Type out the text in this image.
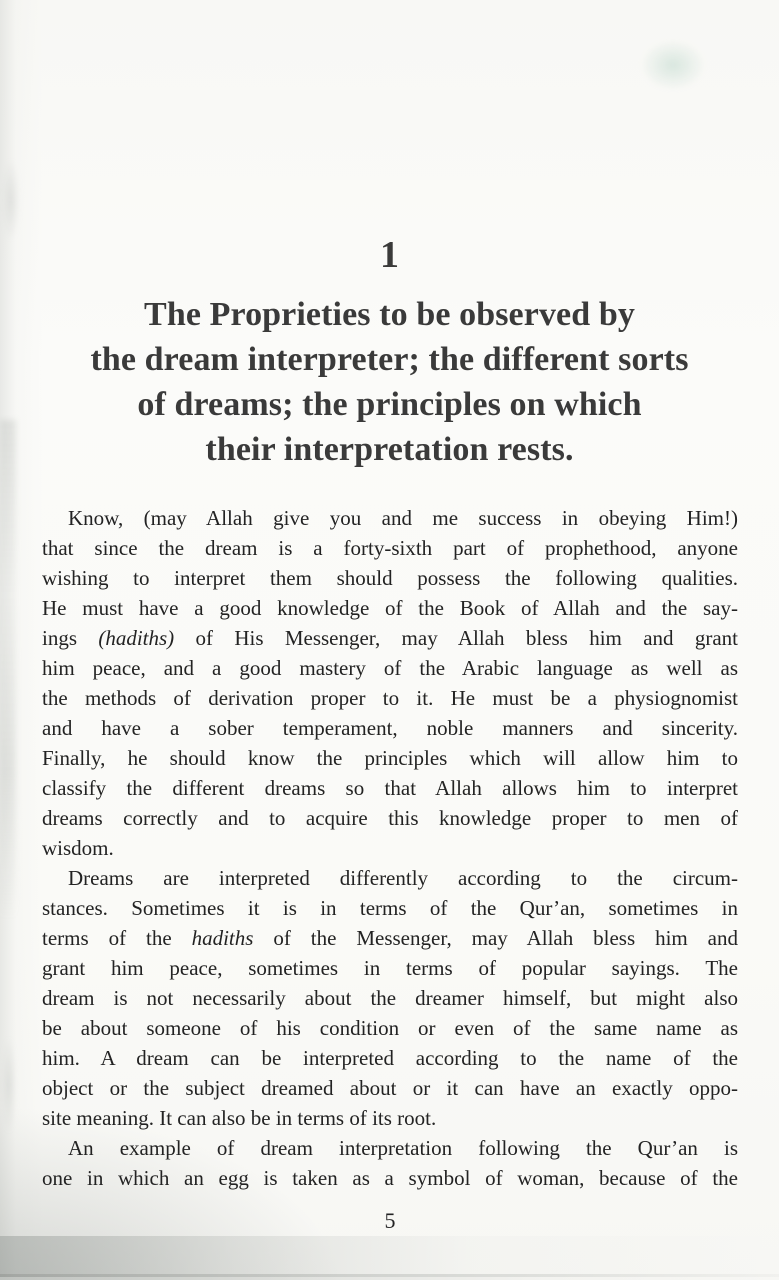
1
The Proprieties to be observed by
the dream interpreter; the different sorts
of dreams; the principles on which
their interpretation rests.
Know, (may Allah give you and me success in obeying Him!)
that since the dream is a forty-sixth part of prophethood, anyone
wishing to interpret them should possess the following qualities.
He must have a good knowledge of the Book of Allah and the say-
ings (hadiths) of His Messenger, may Allah bless him and grant
him peace, and a good mastery of the Arabic language as well as
the methods of derivation proper to it. He must be a physiognomist
and have a sober temperament, noble manners and sincerity.
Finally, he should know the principles which will allow him to
classify the different dreams so that Allah allows him to interpret
dreams correctly and to acquire this knowledge proper to men of
wisdom.
Dreams are interpreted differently according to the circum-
stances. Sometimes it is in terms of the Qur’an, sometimes in
terms of the hadiths of the Messenger, may Allah bless him and
grant him peace, sometimes in terms of popular sayings. The
dream is not necessarily about the dreamer himself, but might also
be about someone of his condition or even of the same name as
him. A dream can be interpreted according to the name of the
object or the subject dreamed about or it can have an exactly oppo-
site meaning. It can also be in terms of its root.
An example of dream interpretation following the Qur’an is
one in which an egg is taken as a symbol of woman, because of the
5
